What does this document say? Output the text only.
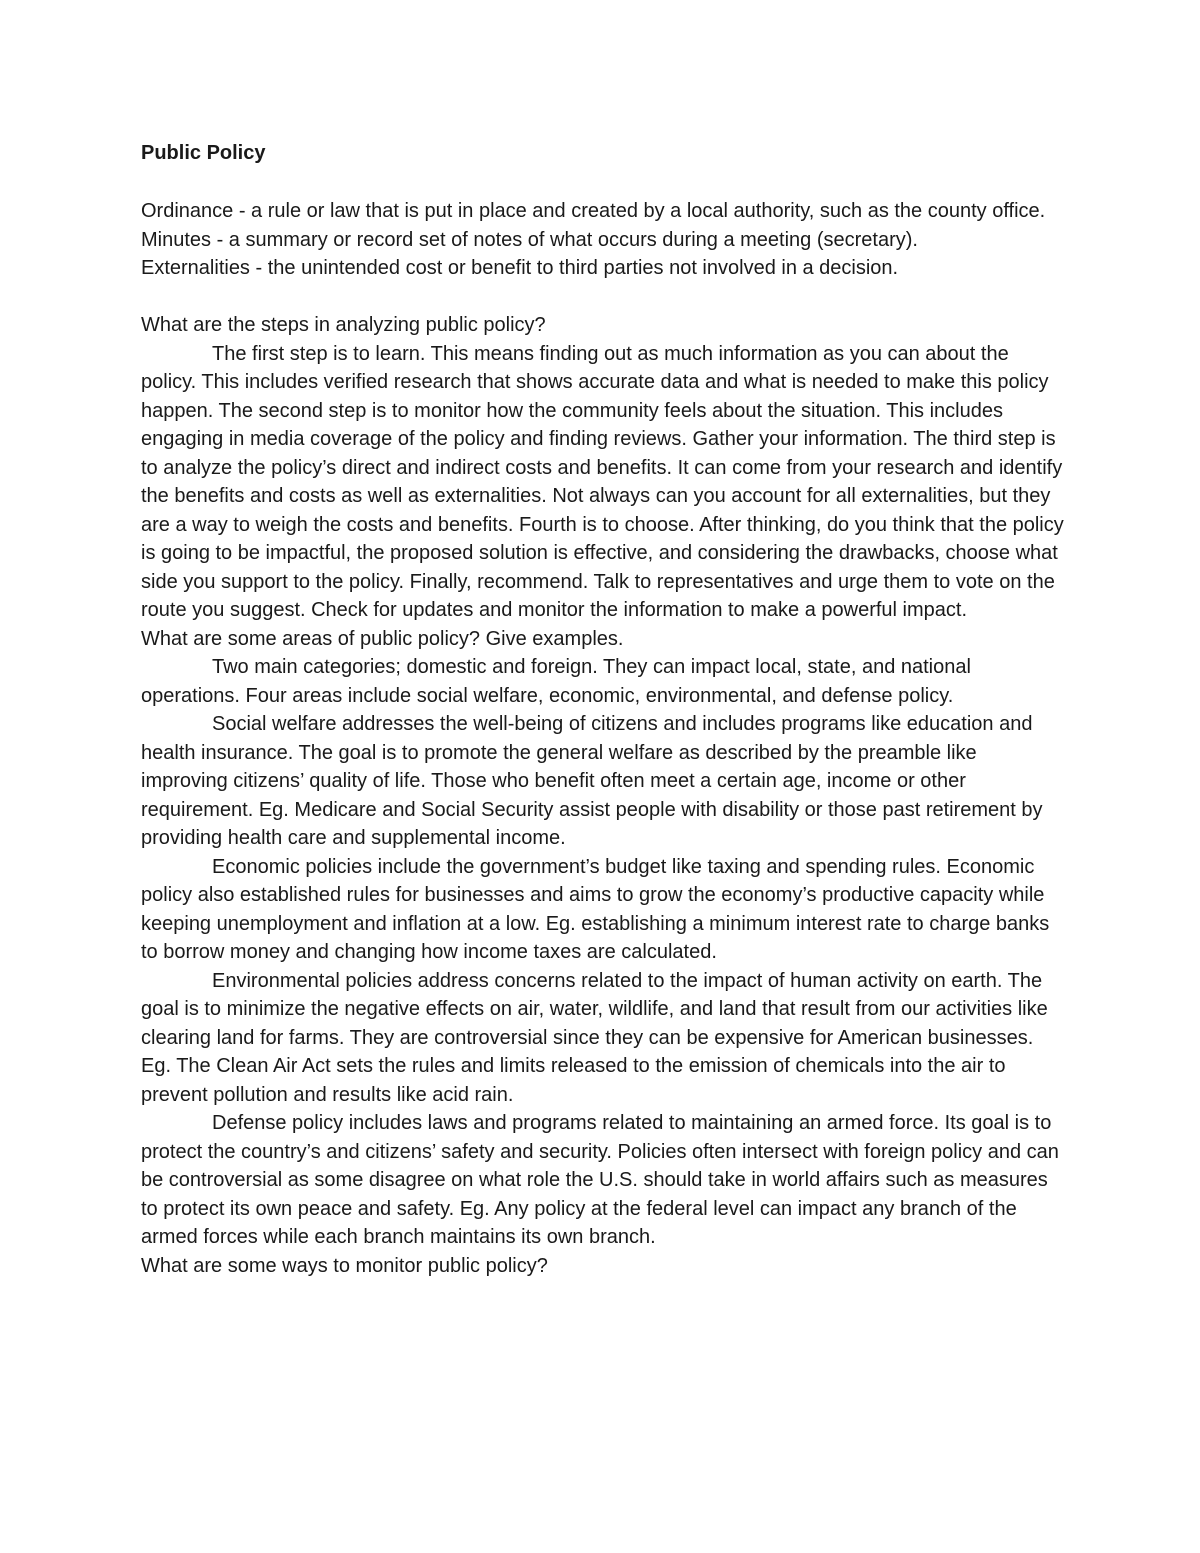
Public Policy

Ordinance - a rule or law that is put in place and created by a local authority, such as the county office.

Minutes - a summary or record set of notes of what occurs during a meeting (secretary).

Externalities - the unintended cost or benefit to third parties not involved in a decision.

What are the steps in analyzing public policy?

The first step is to learn. This means finding out as much information as you can about the policy. This includes verified research that shows accurate data and what is needed to make this policy happen. The second step is to monitor how the community feels about the situation. This includes engaging in media coverage of the policy and finding reviews. Gather your information. The third step is to analyze the policy’s direct and indirect costs and benefits. It can come from your research and identify the benefits and costs as well as externalities. Not always can you account for all externalities, but they are a way to weigh the costs and benefits. Fourth is to choose. After thinking, do you think that the policy is going to be impactful, the proposed solution is effective, and considering the drawbacks, choose what side you support to the policy. Finally, recommend. Talk to representatives and urge them to vote on the route you suggest. Check for updates and monitor the information to make a powerful impact.

What are some areas of public policy? Give examples.

Two main categories; domestic and foreign. They can impact local, state, and national operations. Four areas include social welfare, economic, environmental, and defense policy.

Social welfare addresses the well-being of citizens and includes programs like education and health insurance. The goal is to promote the general welfare as described by the preamble like improving citizens’ quality of life. Those who benefit often meet a certain age, income or other requirement. Eg. Medicare and Social Security assist people with disability or those past retirement by providing health care and supplemental income.

Economic policies include the government’s budget like taxing and spending rules. Economic policy also established rules for businesses and aims to grow the economy’s productive capacity while keeping unemployment and inflation at a low. Eg. establishing a minimum interest rate to charge banks to borrow money and changing how income taxes are calculated.

Environmental policies address concerns related to the impact of human activity on earth. The goal is to minimize the negative effects on air, water, wildlife, and land that result from our activities like clearing land for farms. They are controversial since they can be expensive for American businesses. Eg. The Clean Air Act sets the rules and limits released to the emission of chemicals into the air to prevent pollution and results like acid rain.

Defense policy includes laws and programs related to maintaining an armed force. Its goal is to protect the country’s and citizens’ safety and security. Policies often intersect with foreign policy and can be controversial as some disagree on what role the U.S. should take in world affairs such as measures to protect its own peace and safety. Eg. Any policy at the federal level can impact any branch of the armed forces while each branch maintains its own branch.

What are some ways to monitor public policy?
